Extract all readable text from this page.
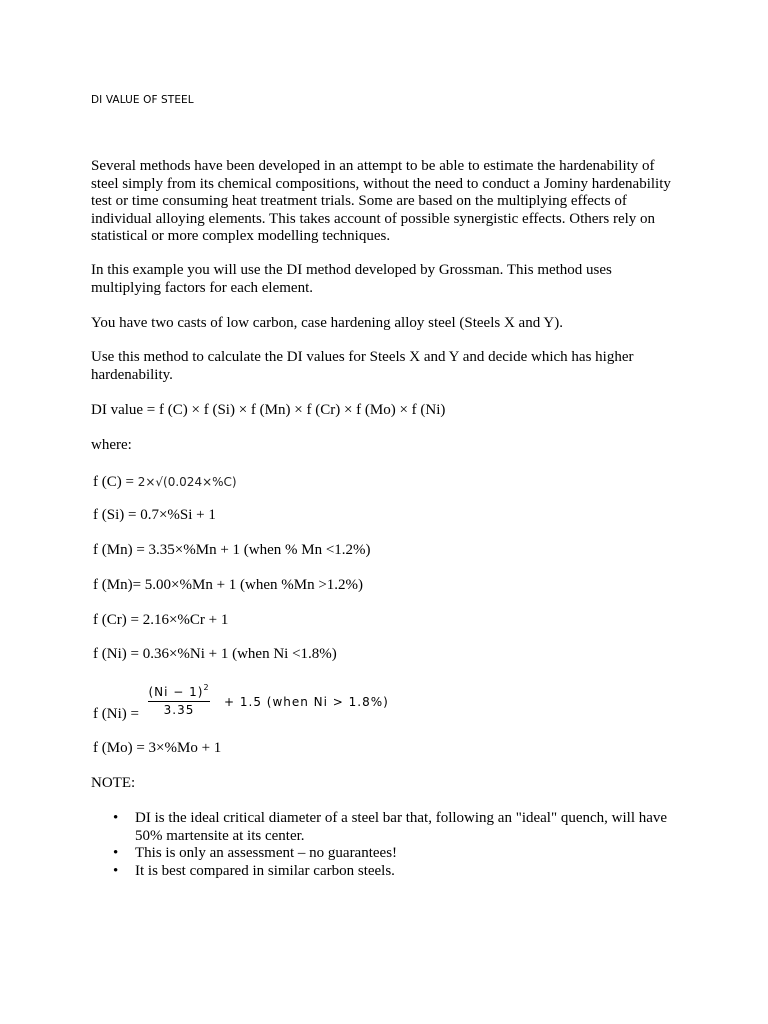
DI VALUE OF STEEL

Several methods have been developed in an attempt to be able to estimate the hardenability of steel simply from its chemical compositions, without the need to conduct a Jominy hardenability test or time consuming heat treatment trials. Some are based on the multiplying effects of individual alloying elements. This takes account of possible synergistic effects. Others rely on statistical or more complex modelling techniques.

In this example you will use the DI method developed by Grossman. This method uses multiplying factors for each element.

You have two casts of low carbon, case hardening alloy steel (Steels X and Y).

Use this method to calculate the DI values for Steels X and Y and decide which has higher hardenability.

DI value = f (C) × f (Si) × f (Mn) × f (Cr) × f (Mo) × f (Ni)
where:
f (C) = 2×√(0.024×%C)
f (Si) = 0.7×%Si + 1
f (Mn) = 3.35×%Mn + 1 (when % Mn <1.2%)
f (Mn)= 5.00×%Mn + 1 (when %Mn >1.2%)
f (Cr) = 2.16×%Cr + 1
f (Ni) = 0.36×%Ni + 1 (when Ni <1.8%)
f (Ni) =
$(Ni - 1)^2$
3.35
+ 1.5 (when Ni > 1.8%)
f (Mo) = 3×%Mo + 1
NOTE:
• DI is the ideal critical diameter of a steel bar that, following an "ideal" quench, will have 50% martensite at its center.
• This is only an assessment – no guarantees!
• It is best compared in similar carbon steels.
